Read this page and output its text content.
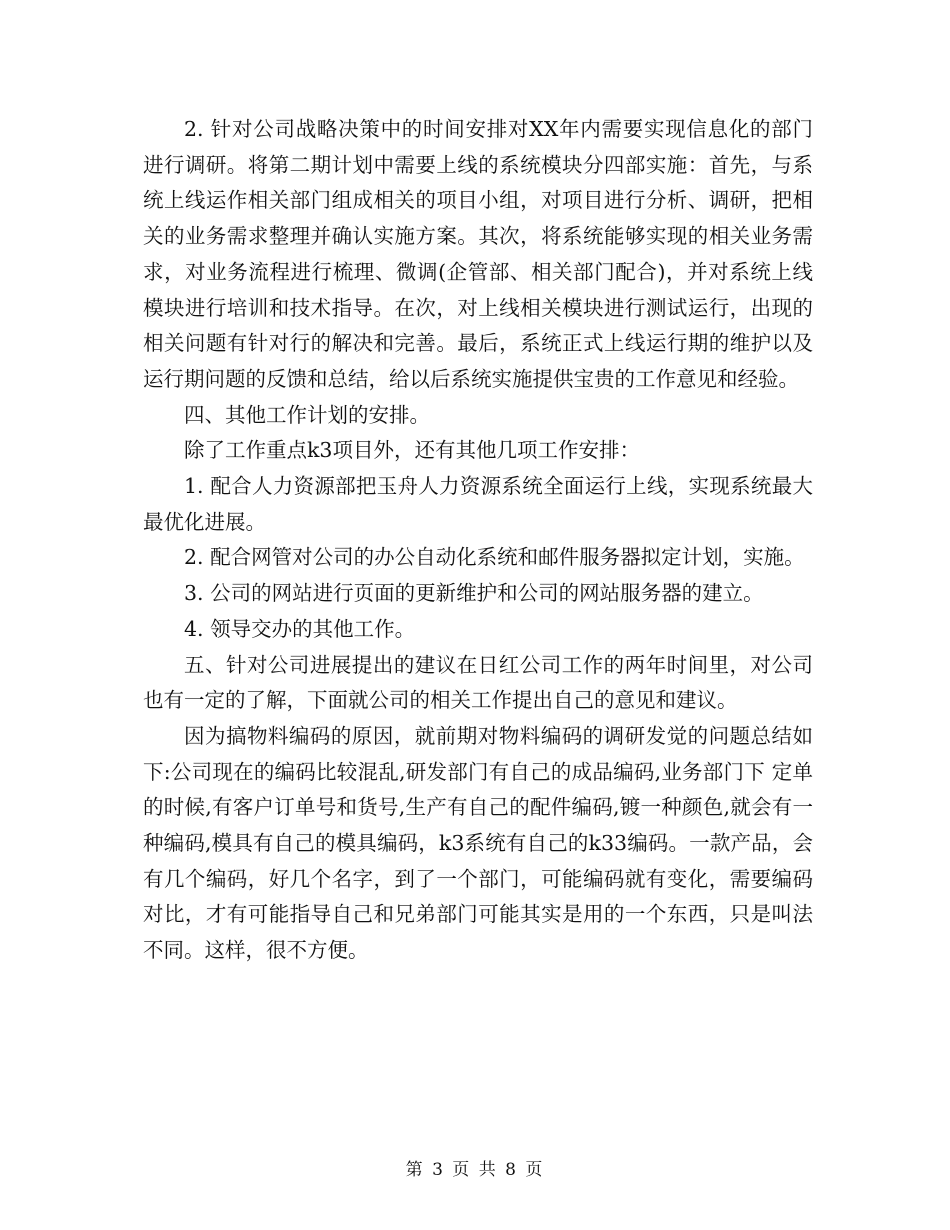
2. 针对公司战略决策中的时间安排对XX年内需要实现信息化的部门进行调研。将第二期计划中需要上线的系统模块分四部实施：首先，与系统上线运作相关部门组成相关的项目小组，对项目进行分析、调研，把相关的业务需求整理并确认实施方案。其次，将系统能够实现的相关业务需求，对业务流程进行梳理、微调(企管部、相关部门配合)，并对系统上线模块进行培训和技术指导。在次，对上线相关模块进行测试运行，出现的相关问题有针对行的解决和完善。最后，系统正式上线运行期的维护以及运行期问题的反馈和总结，给以后系统实施提供宝贵的工作意见和经验。

四、其他工作计划的安排。

除了工作重点k3项目外，还有其他几项工作安排：

1. 配合人力资源部把玉舟人力资源系统全面运行上线，实现系统最大最优化进展。

2. 配合网管对公司的办公自动化系统和邮件服务器拟定计划，实施。

3. 公司的网站进行页面的更新维护和公司的网站服务器的建立。

4. 领导交办的其他工作。

五、针对公司进展提出的建议在日红公司工作的两年时间里，对公司也有一定的了解，下面就公司的相关工作提出自己的意见和建议。

因为搞物料编码的原因，就前期对物料编码的调研发觉的问题总结如下:公司现在的编码比较混乱,研发部门有自己的成品编码,业务部门下 定单 的时候,有客户订单号和货号,生产有自己的配件编码,镀一种颜色,就会有一种编码,模具有自己的模具编码，k3系统有自己的k33编码。一款产品，会有几个编码，好几个名字，到了一个部门，可能编码就有变化，需要编码对比，才有可能指导自己和兄弟部门可能其实是用的一个东西，只是叫法不同。这样，很不方便。

第 3 页 共 8 页
